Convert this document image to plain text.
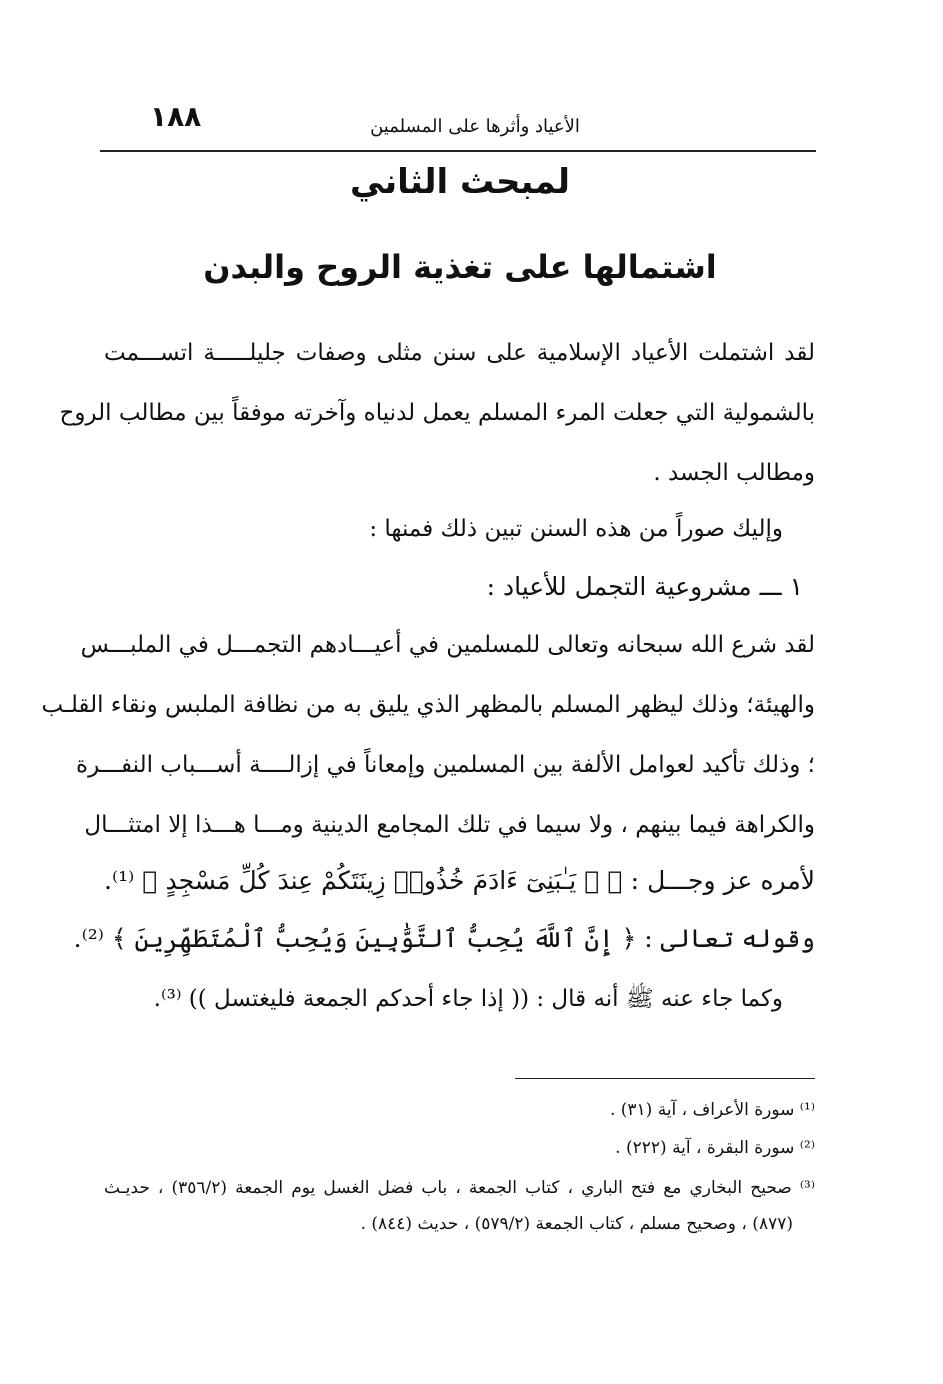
١٨٨	الأعياد وأثرها على المسلمين
لمبحث الثاني
اشتمالها على تغذية الروح والبدن
لقد اشتملت الأعياد الإسلامية على سنن مثلى وصفات جليلـــــة اتســـمت
بالشمولية التي جعلت المرء المسلم يعمل لدنياه وآخرته موفقاً بين مطالب الروح
ومطالب الجسد .
وإليك صوراً من هذه السنن تبين ذلك فمنها :
١ ـــ مشروعية التجمل للأعياد :
لقد شرع الله سبحانه وتعالى للمسلمين في أعيـــادهم التجمـــل في الملبـــس
والهيئة؛ وذلك ليظهر المسلم بالمظهر الذي يليق به من نظافة الملبس ونقاء القلـب
؛ وذلك تأكيد لعوامل الألفة بين المسلمين وإمعاناً في إزالــــة أســـباب النفـــرة
والكراهة فيما بينهم ، ولا سيما في تلك المجامع الدينية ومـــا هـــذا إلا امتثـــال
لأمره عز وجـــل : ﴿ ۞ يَـٰبَنِىٓ ءَادَمَ خُذُوا۟ زِينَتَكُمْ عِندَ كُلِّ مَسْجِدٍ ﴾ ⁽¹⁾.
وقوله تعالى : ﴿ إِنَّ ٱللَّهَ يُحِبُّ ٱلتَّوَّٰبِينَ وَيُحِبُّ ٱلْمُتَطَهِّرِينَ ﴾ ⁽²⁾.
وكما جاء عنه ﷺ أنه قال : (( إذا جاء أحدكم الجمعة فليغتسل )) ⁽³⁾.
⁽¹⁾ سورة الأعراف ، آية (٣١) .
⁽²⁾ سورة البقرة ، آية (٢٢٢) .
⁽³⁾ صحيح البخاري مع فتح الباري ، كتاب الجمعة ، باب فضل الغسل يوم الجمعة (٣٥٦/٢) ، حديـث
(٨٧٧) ، وصحيح مسلم ، كتاب الجمعة (٥٧٩/٢) ، حديث (٨٤٤) .
